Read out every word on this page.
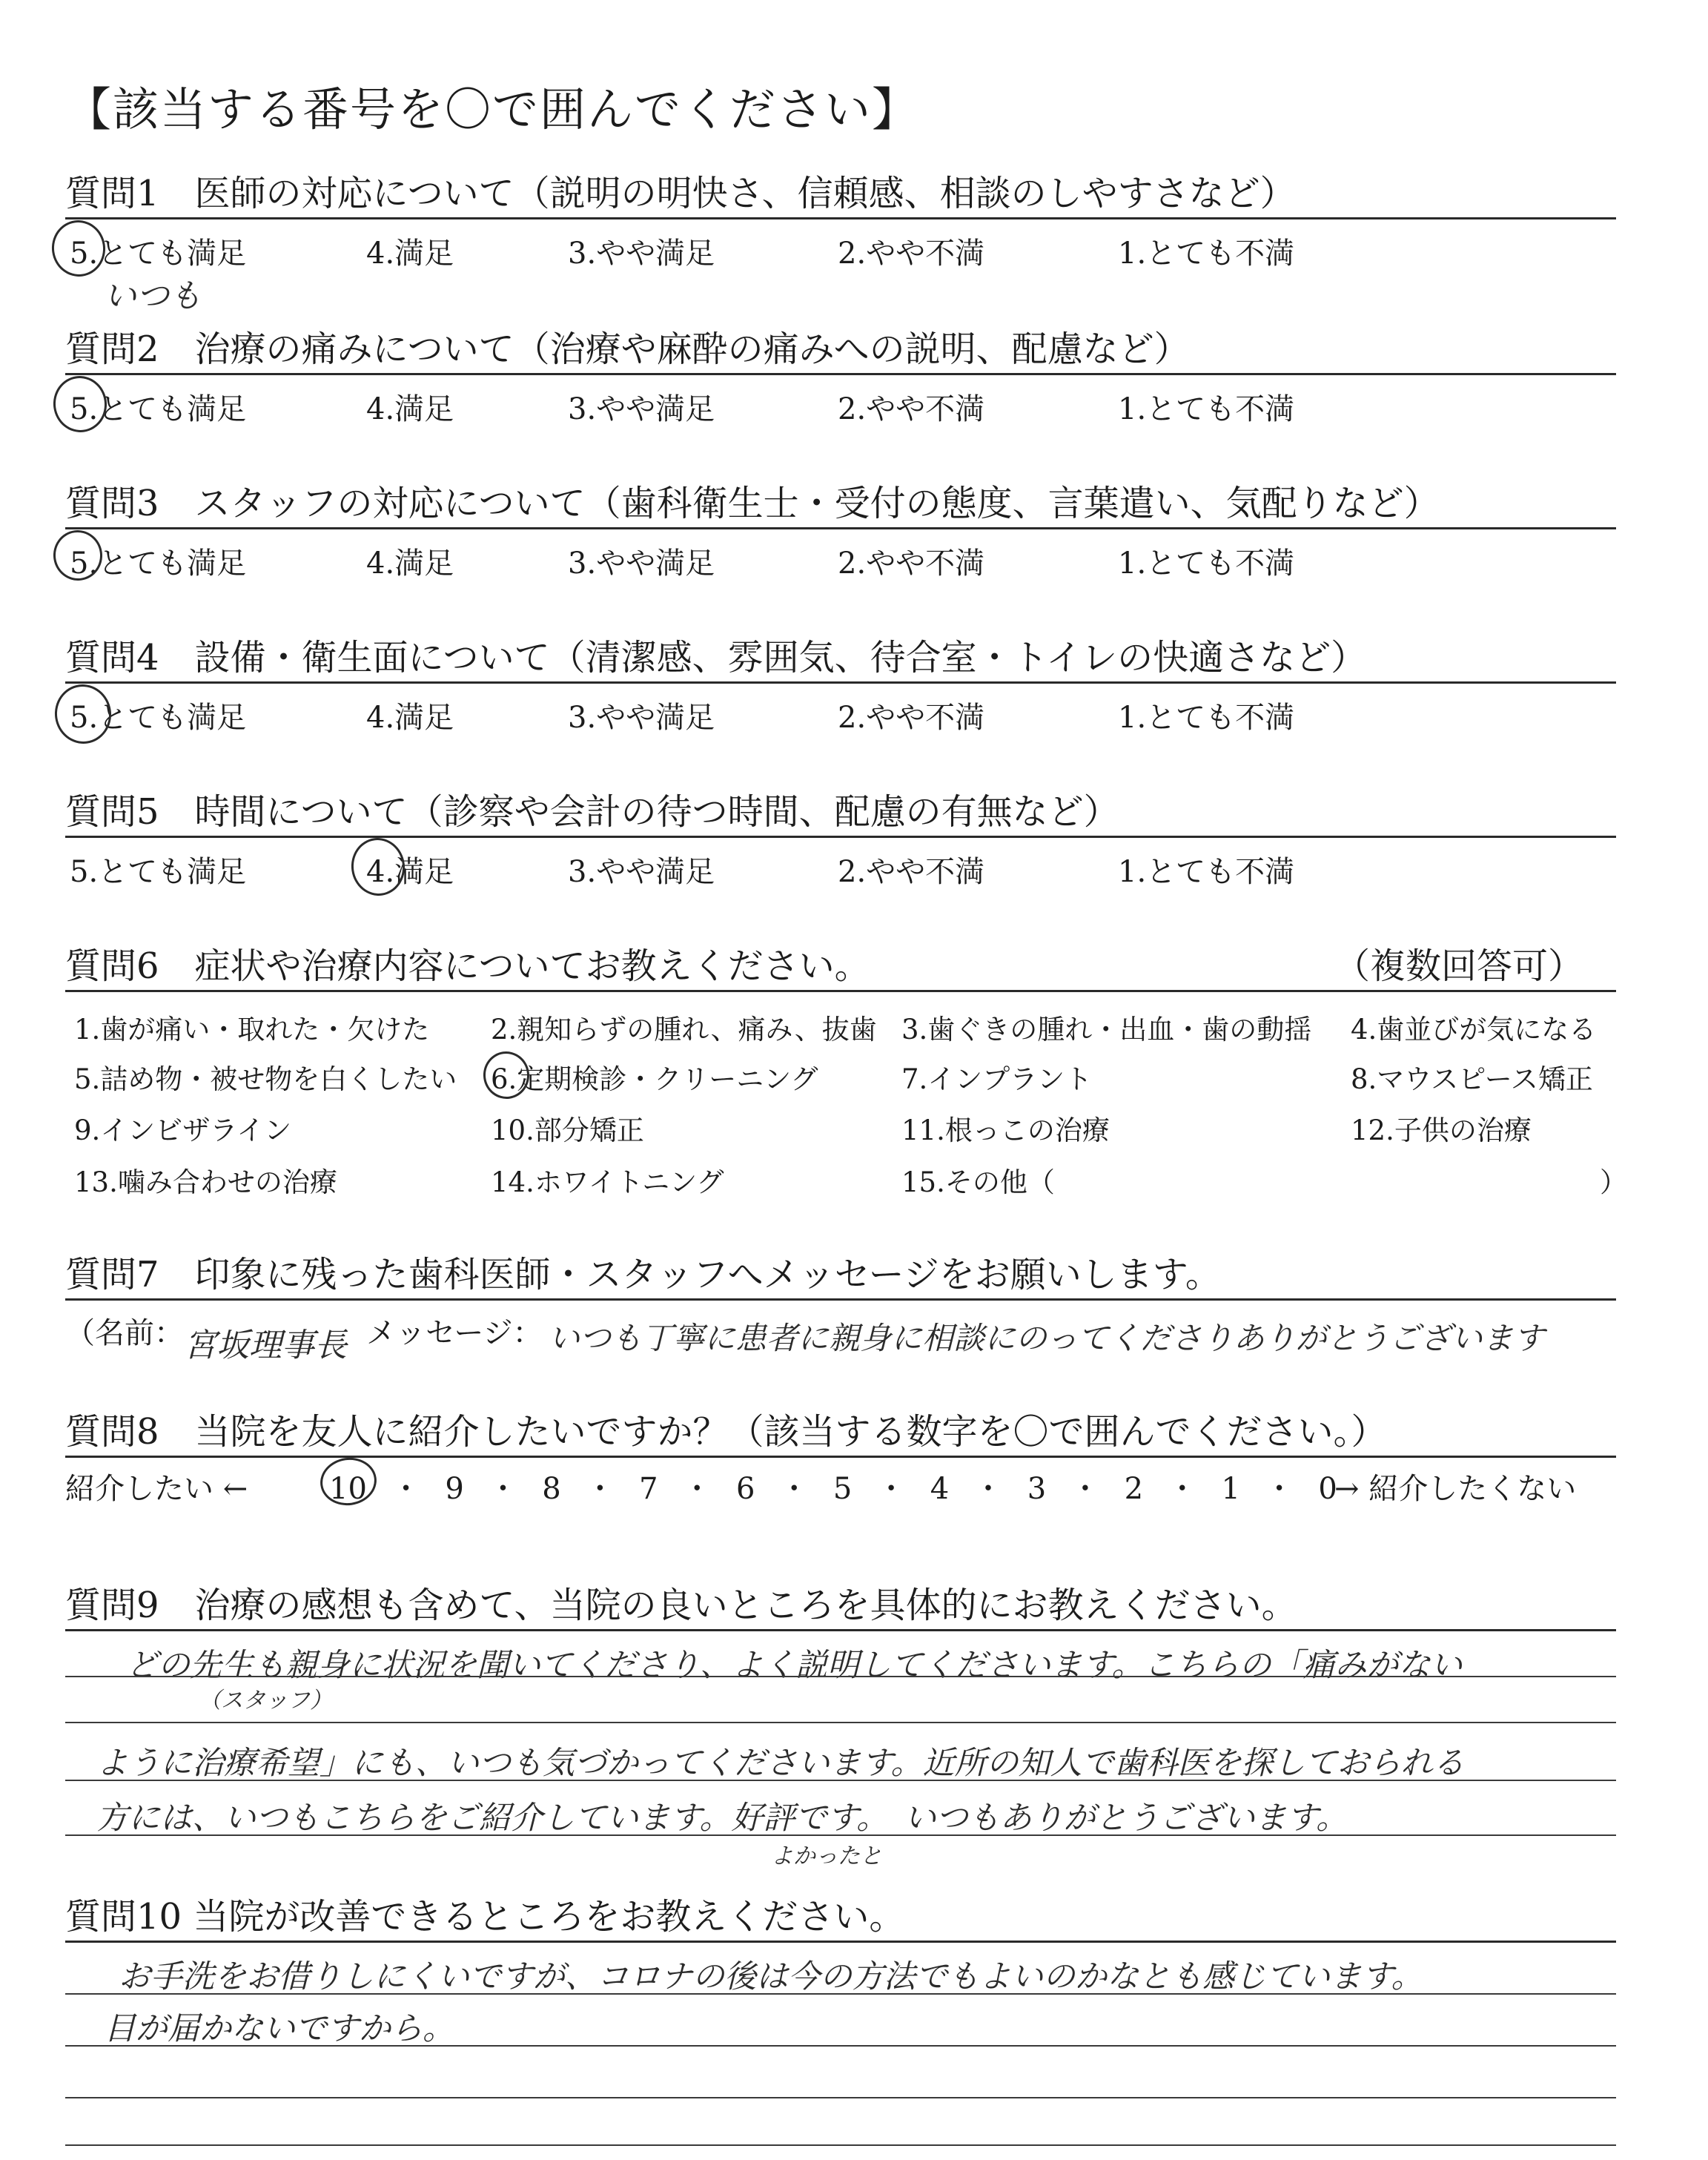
【該当する番号を〇で囲んでください】
質問1　医師の対応について（説明の明快さ、信頼感、相談のしやすさなど）
5.とても満足	4.満足	3.やや満足	2.やや不満	1.とても不満
いつも
質問2　治療の痛みについて（治療や麻酔の痛みへの説明、配慮など）
5.とても満足	4.満足	3.やや満足	2.やや不満	1.とても不満
質問3　スタッフの対応について（歯科衛生士・受付の態度、言葉遣い、気配りなど）
5.とても満足	4.満足	3.やや満足	2.やや不満	1.とても不満
質問4　設備・衛生面について（清潔感、雰囲気、待合室・トイレの快適さなど）
5.とても満足	4.満足	3.やや満足	2.やや不満	1.とても不満
質問5　時間について（診察や会計の待つ時間、配慮の有無など）
5.とても満足	4.満足	3.やや満足	2.やや不満	1.とても不満
質問6　症状や治療内容についてお教えください。	（複数回答可）
1.歯が痛い・取れた・欠けた 2.親知らずの腫れ、痛み、抜歯 3.歯ぐきの腫れ・出血・歯の動揺 4.歯並びが気になる
5.詰め物・被せ物を白くしたい 6.定期検診・クリーニング	7.インプラント	8.マウスピース矯正
9.インビザライン	10.部分矯正	11.根っこの治療	12.子供の治療
13.噛み合わせの治療	14.ホワイトニング	15.その他（	）
質問7　印象に残った歯科医師・スタッフへメッセージをお願いします。
（名前： 宮坂理事長 メッセージ： いつも丁寧に患者に親身に相談にのってくださりありがとうございます
質問8　当院を友人に紹介したいですか？（該当する数字を〇で囲んでください。）
紹介したい ←	10 ・ 9 ・ 8 ・ 7 ・ 6 ・ 5 ・ 4 ・ 3 ・ 2 ・ 1 ・ 0
→ 紹介したくない
質問9　治療の感想も含めて、当院の良いところを具体的にお教えください。
どの先生も親身に状況を聞いてくださり、よく説明してくださいます。こちらの「痛みがない
（スタッフ）
ように治療希望」にも、いつも気づかってくださいます。近所の知人で歯科医を探しておられる
方には、いつもこちらをご紹介しています。好評です。　いつもありがとうございます。
よかったと
質問10 当院が改善できるところをお教えください。
お手洗をお借りしにくいですが、コロナの後は今の方法でもよいのかなとも感じています。
目が届かないですから。
